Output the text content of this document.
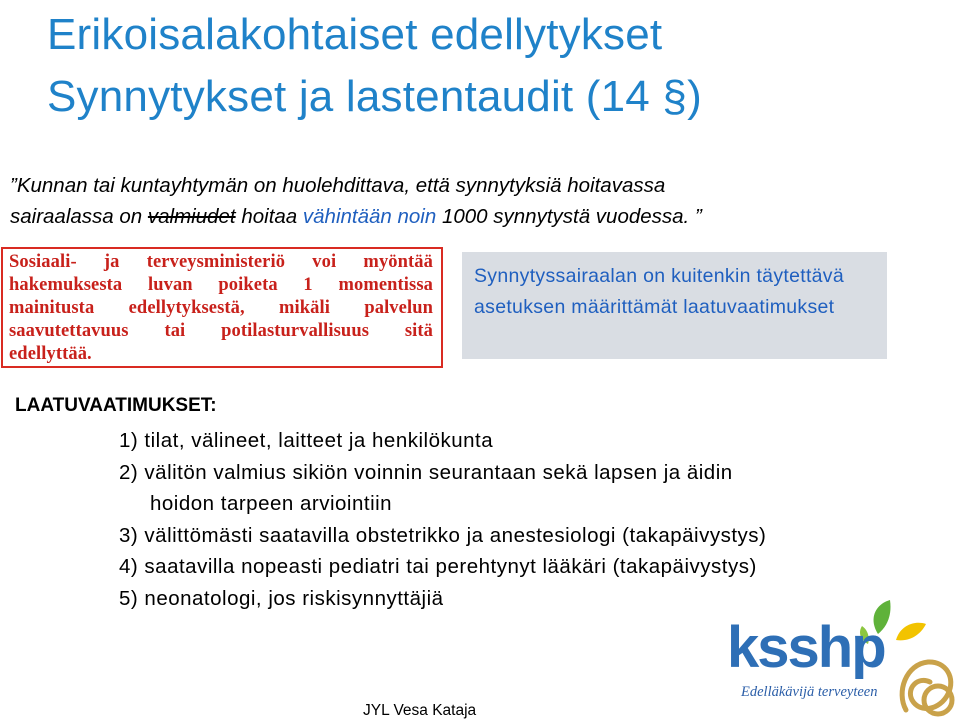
Erikoisalakohtaiset edellytykset
Synnytykset ja lastentaudit (14 §)
”Kunnan tai kuntayhtymän on huolehdittava, että synnytyksiä hoitavassa
sairaalassa on valmiudet hoitaa vähintään noin 1000 synnytystä vuodessa. ”
Sosiaali- ja terveysministeriö voi myöntää
hakemuksesta luvan poiketa 1 momentissa
mainitusta edellytyksestä, mikäli palvelun
saavutettavuus tai potilasturvallisuus sitä
edellyttää.
Synnytyssairaalan on kuitenkin täytettävä asetuksen määrittämät laatuvaatimukset
LAATUVAATIMUKSET:
1) tilat, välineet, laitteet ja henkilökunta
2) välitön valmius sikiön voinnin seurantaan sekä lapsen ja äidin
hoidon tarpeen arviointiin
3) välittömästi saatavilla obstetrikko ja anestesiologi (takapäivystys)
4) saatavilla nopeasti pediatri tai perehtynyt lääkäri (takapäivystys)
5) neonatologi, jos riskisynnyttäjiä
JYL Vesa Kataja
ksshp
Edelläkävijä terveyteen
